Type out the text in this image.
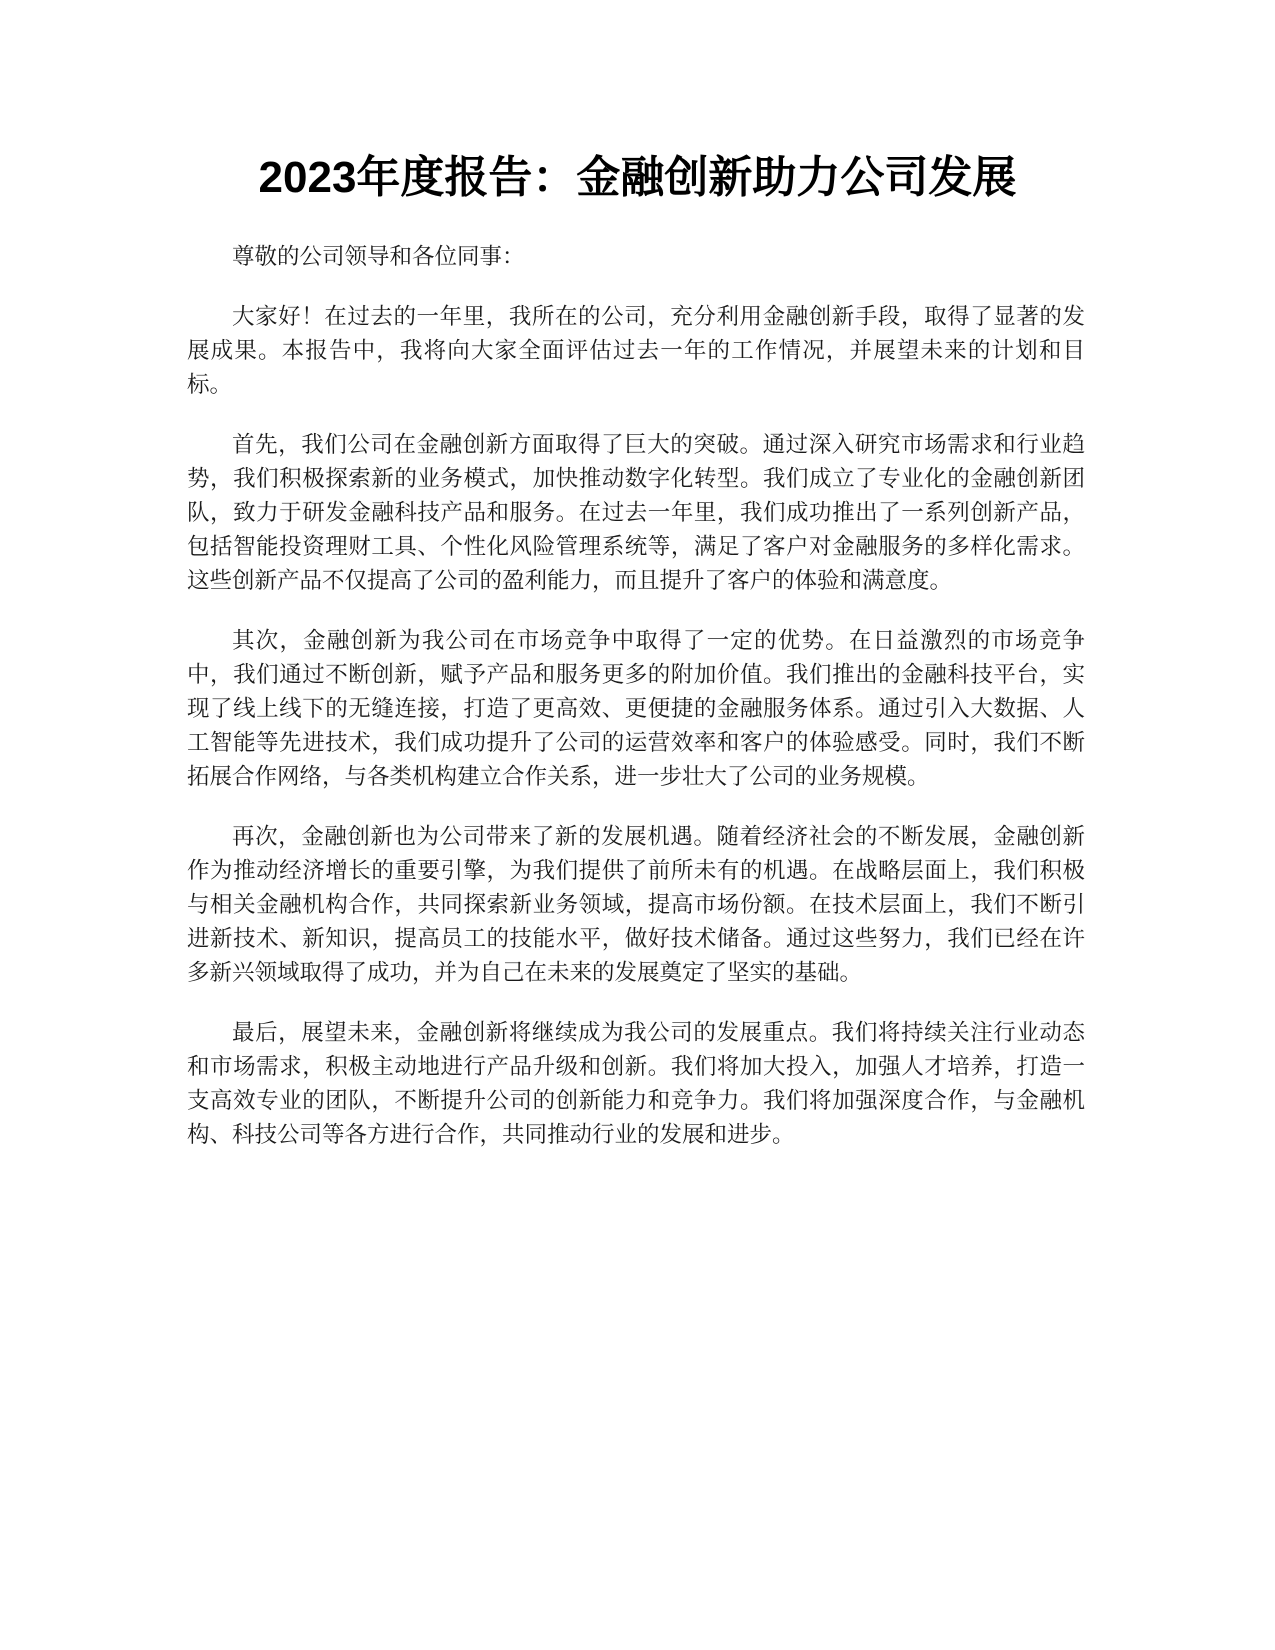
2023年度报告：金融创新助力公司发展

尊敬的公司领导和各位同事：

大家好！在过去的一年里，我所在的公司，充分利用金融创新手段，取得了显著的发展成果。本报告中，我将向大家全面评估过去一年的工作情况，并展望未来的计划和目标。

首先，我们公司在金融创新方面取得了巨大的突破。通过深入研究市场需求和行业趋势，我们积极探索新的业务模式，加快推动数字化转型。我们成立了专业化的金融创新团队，致力于研发金融科技产品和服务。在过去一年里，我们成功推出了一系列创新产品，包括智能投资理财工具、个性化风险管理系统等，满足了客户对金融服务的多样化需求。这些创新产品不仅提高了公司的盈利能力，而且提升了客户的体验和满意度。

其次，金融创新为我公司在市场竞争中取得了一定的优势。在日益激烈的市场竞争中，我们通过不断创新，赋予产品和服务更多的附加价值。我们推出的金融科技平台，实现了线上线下的无缝连接，打造了更高效、更便捷的金融服务体系。通过引入大数据、人工智能等先进技术，我们成功提升了公司的运营效率和客户的体验感受。同时，我们不断拓展合作网络，与各类机构建立合作关系，进一步壮大了公司的业务规模。

再次，金融创新也为公司带来了新的发展机遇。随着经济社会的不断发展，金融创新作为推动经济增长的重要引擎，为我们提供了前所未有的机遇。在战略层面上，我们积极与相关金融机构合作，共同探索新业务领域，提高市场份额。在技术层面上，我们不断引进新技术、新知识，提高员工的技能水平，做好技术储备。通过这些努力，我们已经在许多新兴领域取得了成功，并为自己在未来的发展奠定了坚实的基础。

最后，展望未来，金融创新将继续成为我公司的发展重点。我们将持续关注行业动态和市场需求，积极主动地进行产品升级和创新。我们将加大投入，加强人才培养，打造一支高效专业的团队，不断提升公司的创新能力和竞争力。我们将加强深度合作，与金融机构、科技公司等各方进行合作，共同推动行业的发展和进步。
